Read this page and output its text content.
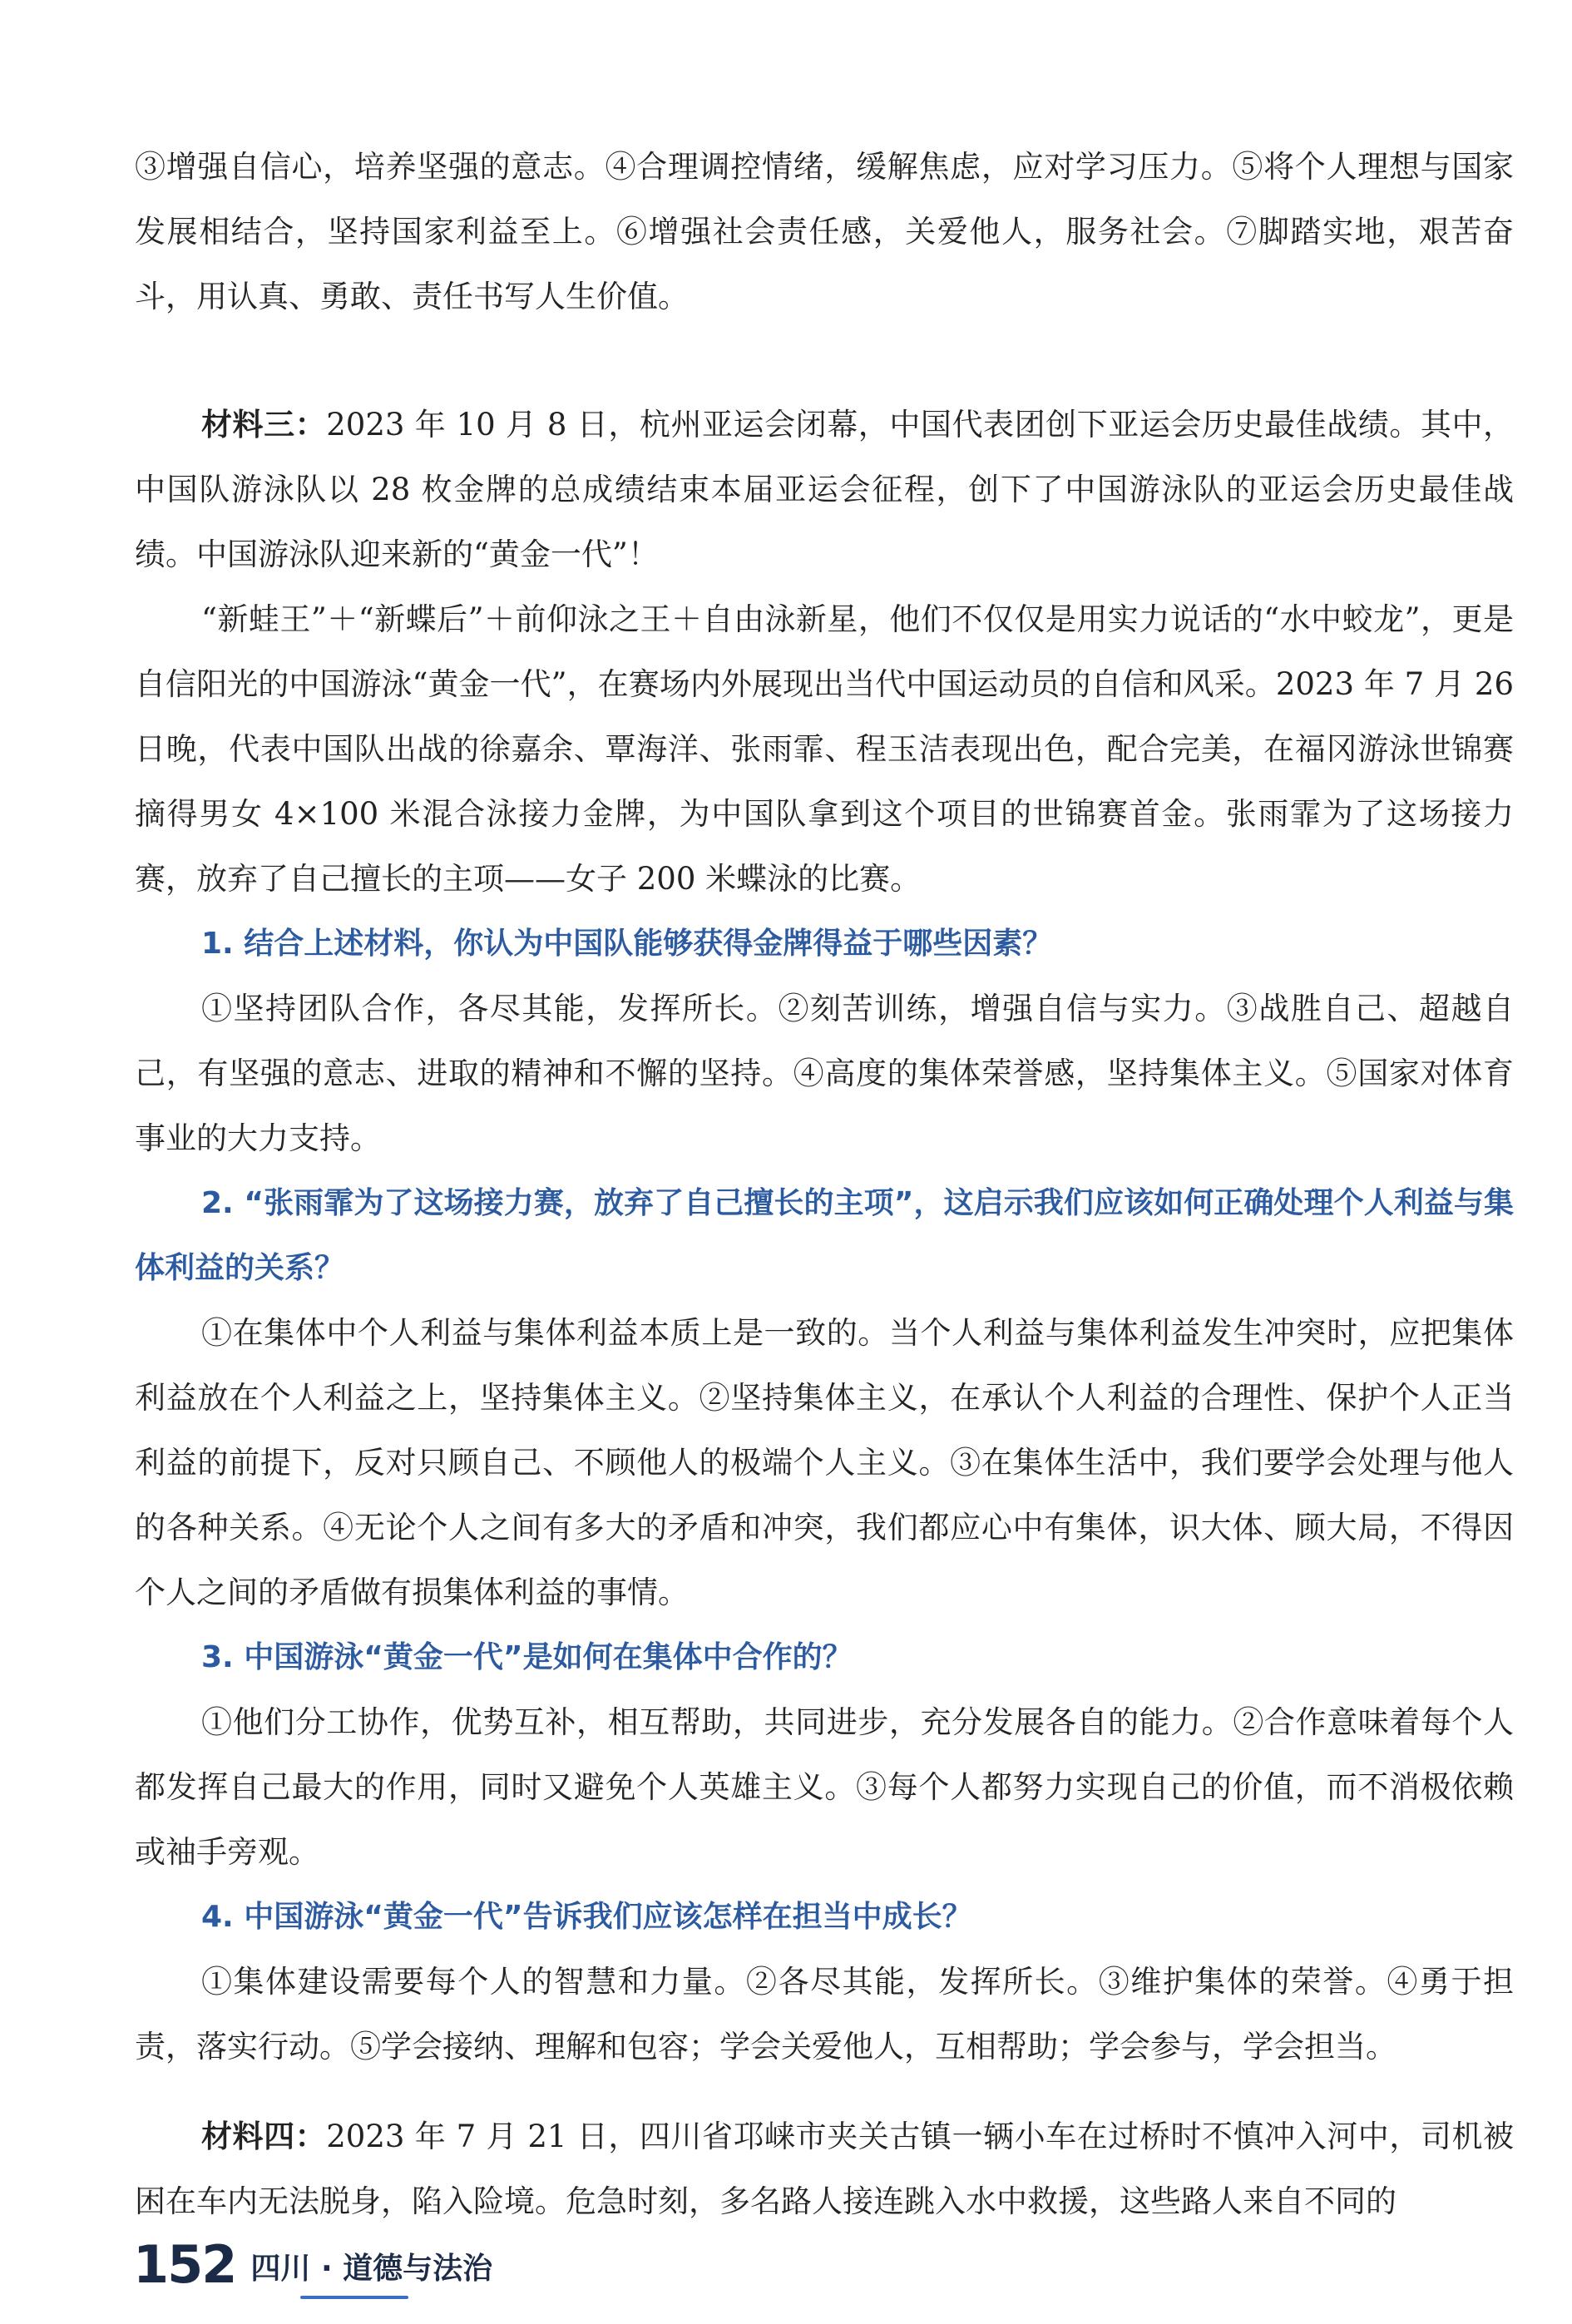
③增强自信心，培养坚强的意志。④合理调控情绪，缓解焦虑，应对学习压力。⑤将个人理想与国家发展相结合，坚持国家利益至上。⑥增强社会责任感，关爱他人，服务社会。⑦脚踏实地，艰苦奋斗，用认真、勇敢、责任书写人生价值。

材料三：2023 年 10 月 8 日，杭州亚运会闭幕，中国代表团创下亚运会历史最佳战绩。其中，中国队游泳队以 28 枚金牌的总成绩结束本届亚运会征程，创下了中国游泳队的亚运会历史最佳战绩。中国游泳队迎来新的“黄金一代”！

“新蛙王”＋“新蝶后”＋前仰泳之王＋自由泳新星，他们不仅仅是用实力说话的“水中蛟龙”，更是自信阳光的中国游泳“黄金一代”，在赛场内外展现出当代中国运动员的自信和风采。2023 年 7 月 26 日晚，代表中国队出战的徐嘉余、覃海洋、张雨霏、程玉洁表现出色，配合完美，在福冈游泳世锦赛摘得男女 4×100 米混合泳接力金牌，为中国队拿到这个项目的世锦赛首金。张雨霏为了这场接力赛，放弃了自己擅长的主项——女子 200 米蝶泳的比赛。

1. 结合上述材料，你认为中国队能够获得金牌得益于哪些因素？

①坚持团队合作，各尽其能，发挥所长。②刻苦训练，增强自信与实力。③战胜自己、超越自己，有坚强的意志、进取的精神和不懈的坚持。④高度的集体荣誉感，坚持集体主义。⑤国家对体育事业的大力支持。

2. “张雨霏为了这场接力赛，放弃了自己擅长的主项”，这启示我们应该如何正确处理个人利益与集体利益的关系？

①在集体中个人利益与集体利益本质上是一致的。当个人利益与集体利益发生冲突时，应把集体利益放在个人利益之上，坚持集体主义。②坚持集体主义，在承认个人利益的合理性、保护个人正当利益的前提下，反对只顾自己、不顾他人的极端个人主义。③在集体生活中，我们要学会处理与他人的各种关系。④无论个人之间有多大的矛盾和冲突，我们都应心中有集体，识大体、顾大局，不得因个人之间的矛盾做有损集体利益的事情。

3. 中国游泳“黄金一代”是如何在集体中合作的？

①他们分工协作，优势互补，相互帮助，共同进步，充分发展各自的能力。②合作意味着每个人都发挥自己最大的作用，同时又避免个人英雄主义。③每个人都努力实现自己的价值，而不消极依赖或袖手旁观。

4. 中国游泳“黄金一代”告诉我们应该怎样在担当中成长？

①集体建设需要每个人的智慧和力量。②各尽其能，发挥所长。③维护集体的荣誉。④勇于担责，落实行动。⑤学会接纳、理解和包容；学会关爱他人，互相帮助；学会参与，学会担当。

材料四：2023 年 7 月 21 日，四川省邛崃市夹关古镇一辆小车在过桥时不慎冲入河中，司机被困在车内无法脱身，陷入险境。危急时刻，多名路人接连跳入水中救援，这些路人来自不同的

152 四川 · 道德与法治
